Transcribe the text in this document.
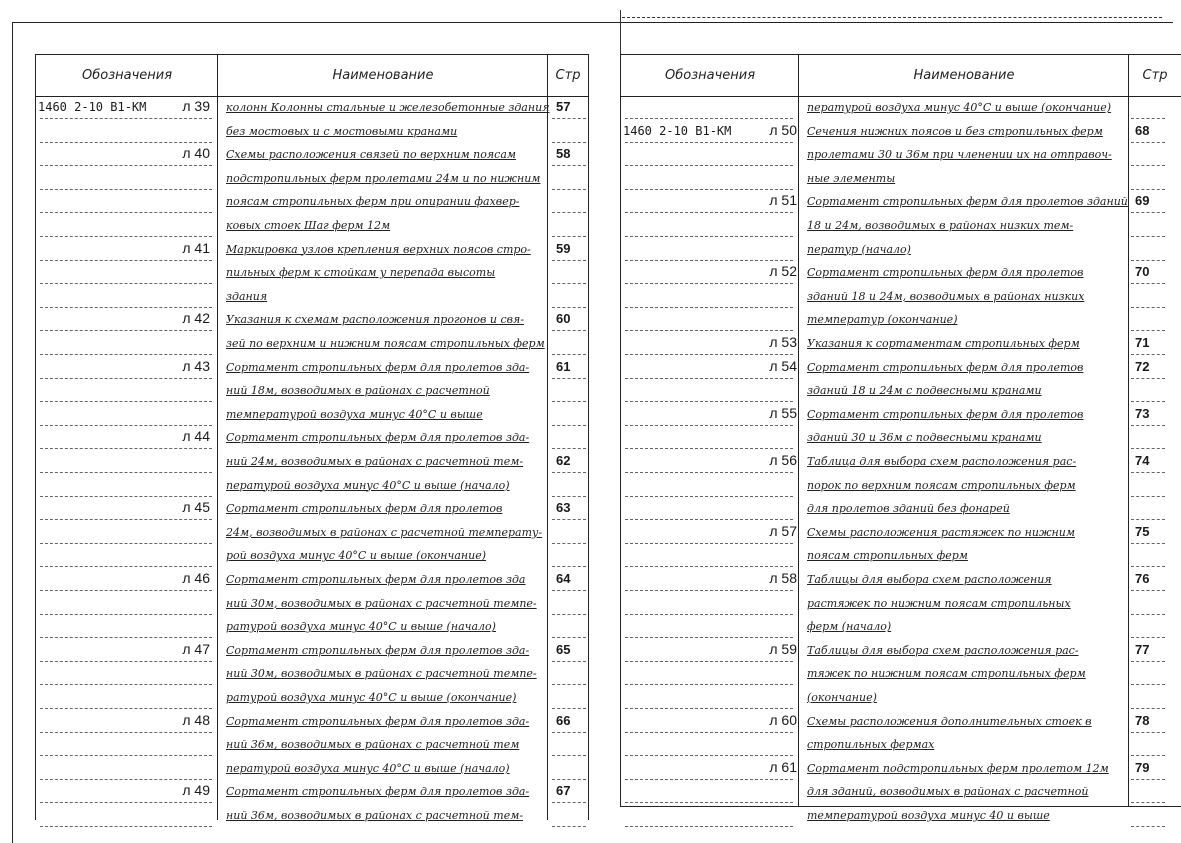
Обозначения	Наименование	Стр
1460 2-10 В1-КМ	л 39 колонн Колонны стальные и железобетонные здания 57
без мостовых и с мостовыми кранами
л 40 Схемы расположения связей по верхним поясам	58
подстропильных ферм пролетами 24м и по нижним
поясам стропильных ферм при опирании фахвер-
ковых стоек Шаг ферм 12м
л 41 Маркировка узлов крепления верхних поясов стро-	59
пильных ферм к стойкам у перепада высоты
здания
л 42 Указания к схемам расположения прогонов и свя-	60
зей по верхним и нижним поясам стропильных ферм
л 43 Сортамент стропильных ферм для пролетов зда-	61
ний 18м, возводимых в районах с расчетной
температурой воздуха минус 40°С и выше
л 44 Сортамент стропильных ферм для пролетов зда-
ний 24м, возводимых в районах с расчетной тем-	62
пературой воздуха минус 40°С и выше (начало)
л 45 Сортамент стропильных ферм для пролетов	63
24м, возводимых в районах с расчетной температу-
рой воздуха минус 40°С и выше (окончание)
л 46 Сортамент стропильных ферм для пролетов зда	64
ний 30м, возводимых в районах с расчетной темпе-
ратурой воздуха минус 40°С и выше (начало)
л 47 Сортамент стропильных ферм для пролетов зда-	65
ний 30м, возводимых в районах с расчетной темпе-
ратурой воздуха минус 40°С и выше (окончание)
л 48 Сортамент стропильных ферм для пролетов зда-	66
ний 36м, возводимых в районах с расчетной тем
пературой воздуха минус 40°С и выше (начало)
л 49 Сортамент стропильных ферм для пролетов зда-	67
ний 36м, возводимых в районах с расчетной тем-
Обозначения	Наименование	Стр
пературой воздуха минус 40°С и выше (окончание)
1460 2-10 В1-КМ	л 50 Сечения нижних поясов и без стропильных ферм	68
пролетами 30 и 36м при членении их на отправоч-
ные элементы
л 51 Сортамент стропильных ферм для пролетов зданий 69
18 и 24м, возводимых в районах низких тем-
ператур (начало)
л 52 Сортамент стропильных ферм для пролетов	70
зданий 18 и 24м, возводимых в районах низких
температур (окончание)
л 53 Указания к сортаментам стропильных ферм	71
л 54 Сортамент стропильных ферм для пролетов	72
зданий 18 и 24м с подвесными кранами
л 55 Сортамент стропильных ферм для пролетов	73
зданий 30 и 36м с подвесными кранами
л 56 Таблица для выбора схем расположения рас-	74
порок по верхним поясам стропильных ферм
для пролетов зданий без фонарей
л 57 Схемы расположения растяжек по нижним	75
поясам стропильных ферм
л 58 Таблицы для выбора схем расположения	76
растяжек по нижним поясам стропильных
ферм (начало)
л 59 Таблицы для выбора схем расположения рас-	77
тяжек по нижним поясам стропильных ферм
(окончание)
л 60 Схемы расположения дополнительных стоек в	78
стропильных фермах
л 61 Сортамент подстропильных ферм пролетом 12м	79
для зданий, возводимых в районах с расчетной
температурой воздуха минус 40 и выше
